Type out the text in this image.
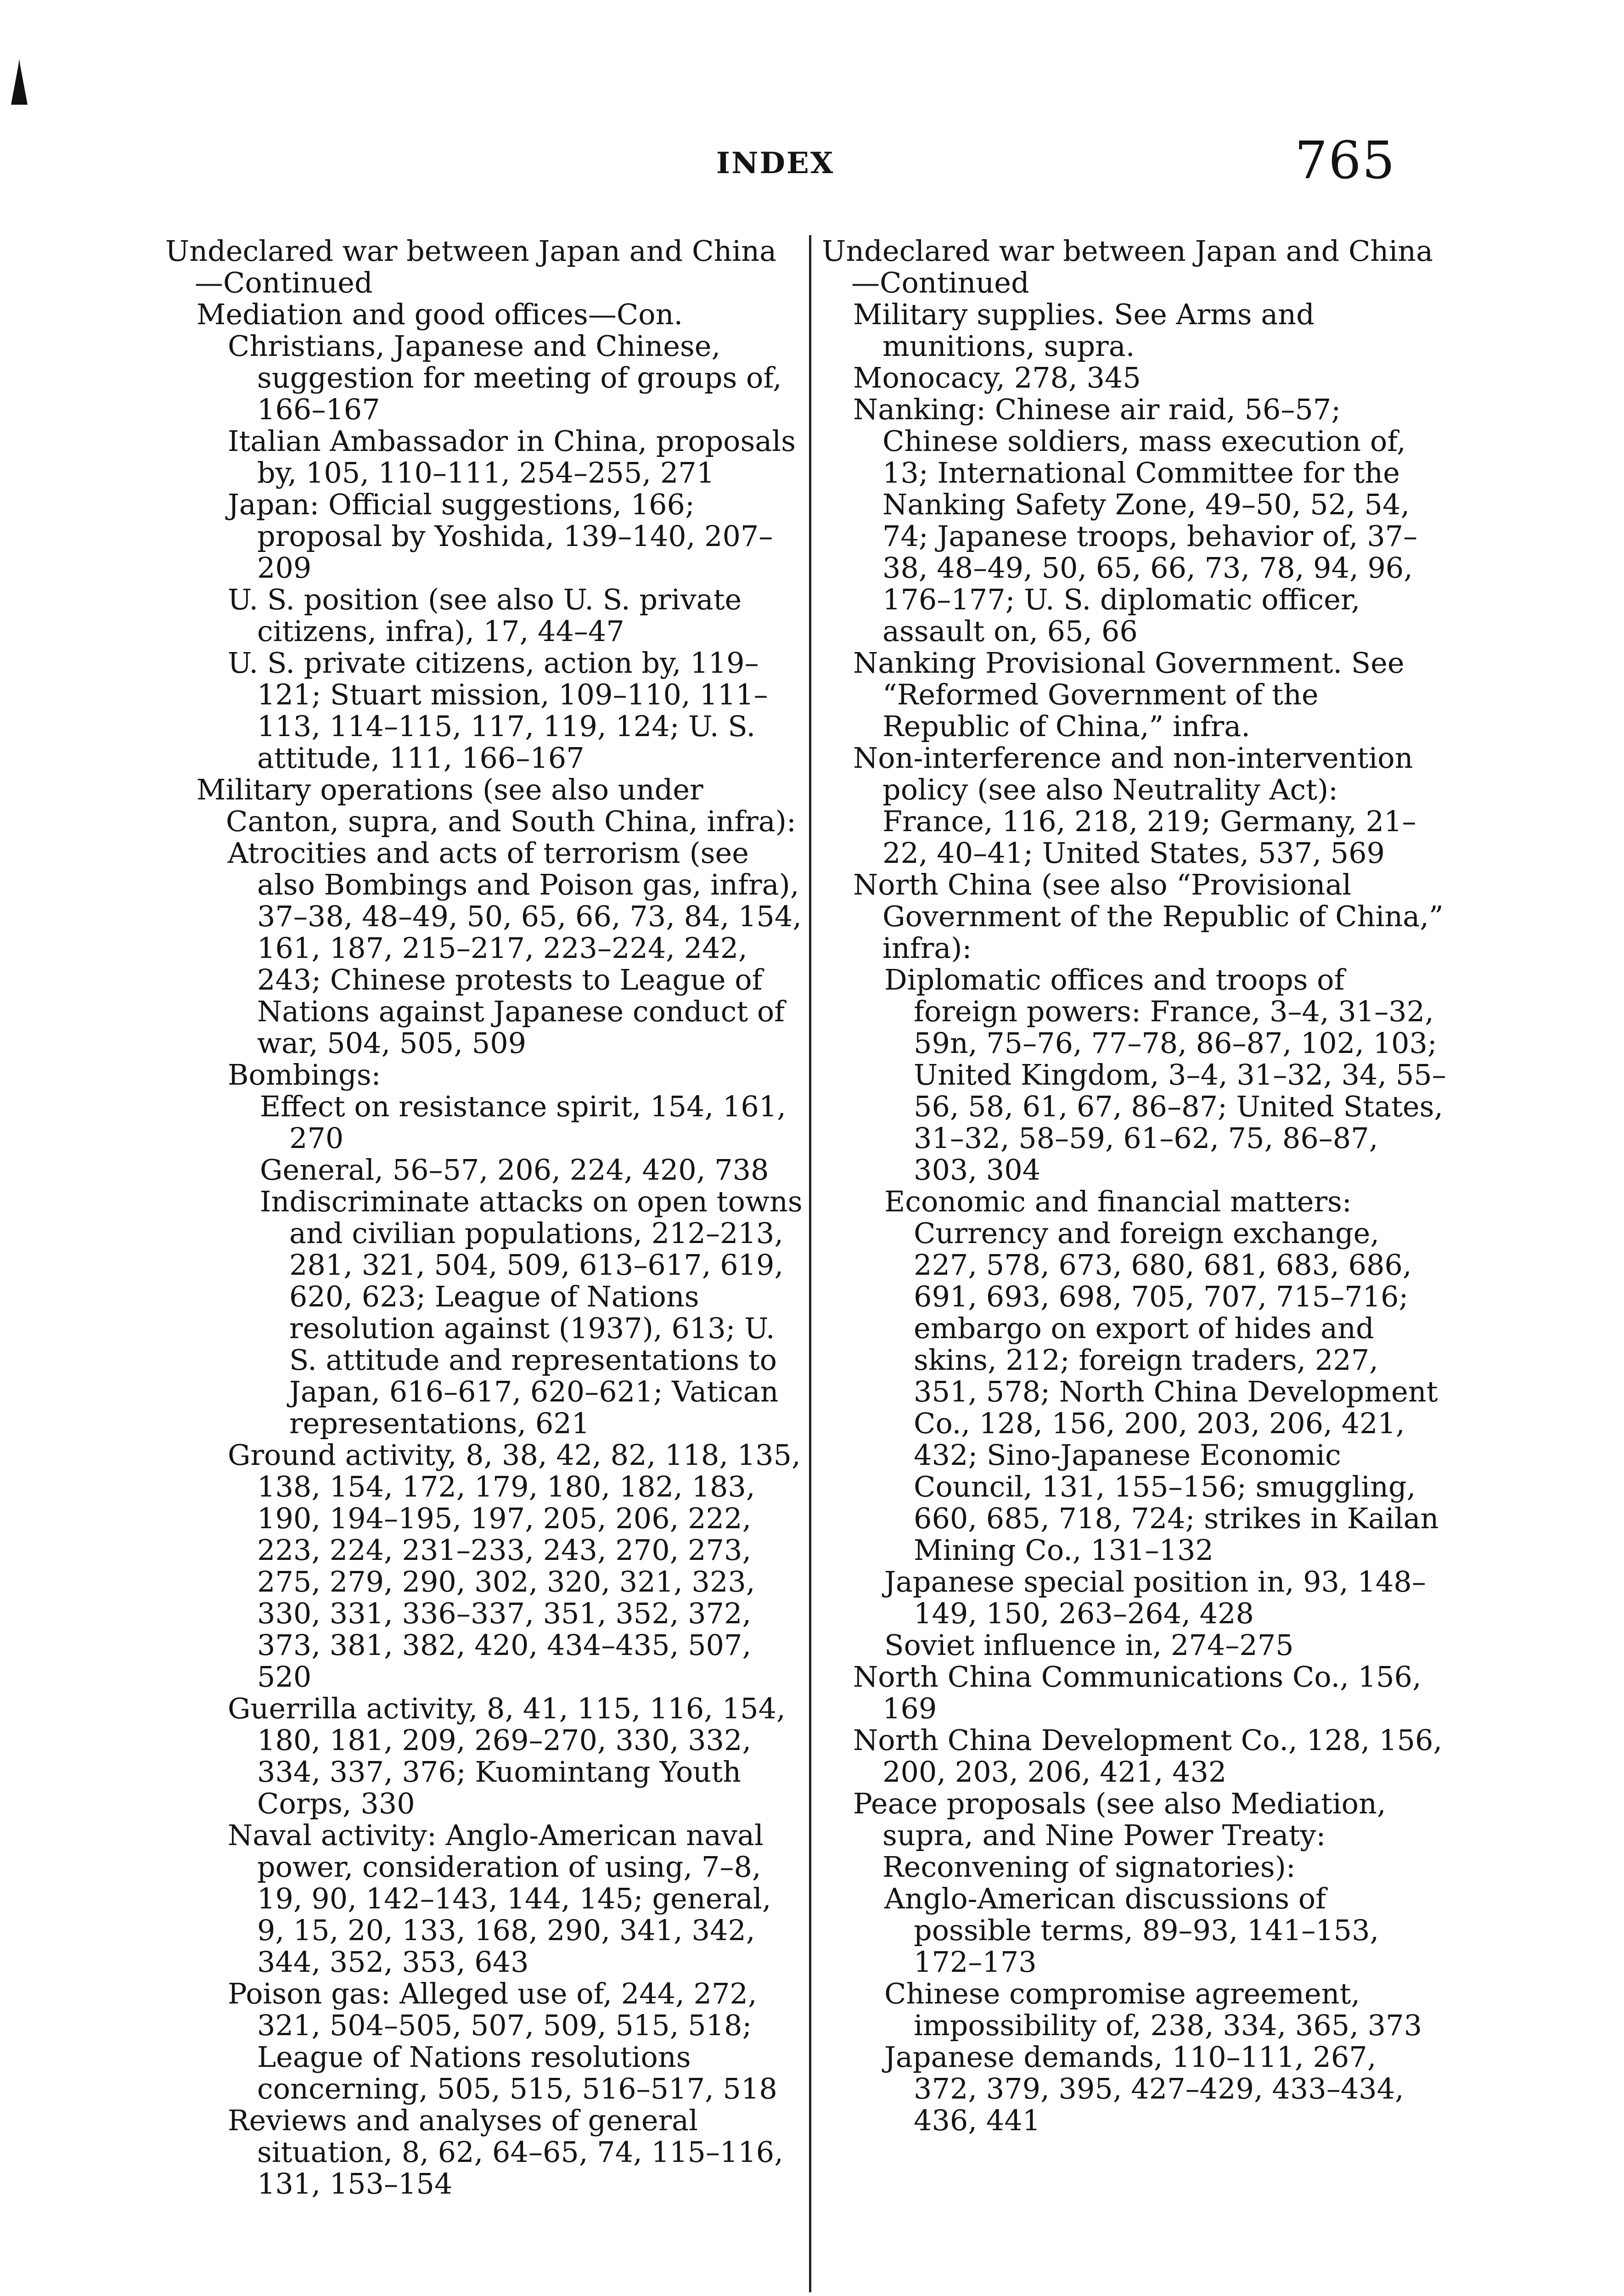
INDEX	765

Undeclared war between Japan and China—Continued

Mediation and good offices—Con.

Christians, Japanese and Chinese, suggestion for meeting of groups of, 166–167

Italian Ambassador in China, proposals by, 105, 110–111, 254–255, 271

Japan: Official suggestions, 166; proposal by Yoshida, 139–140, 207–209

U. S. position (see also U. S. private citizens, infra), 17, 44–47

U. S. private citizens, action by, 119–121; Stuart mission, 109–110, 111–113, 114–115, 117, 119, 124; U. S. attitude, 111, 166–167

Military operations (see also under Canton, supra, and South China, infra):

Atrocities and acts of terrorism (see also Bombings and Poison gas, infra), 37–38, 48–49, 50, 65, 66, 73, 84, 154, 161, 187, 215–217, 223–224, 242, 243; Chinese protests to League of Nations against Japanese conduct of war, 504, 505, 509

Bombings:

Effect on resistance spirit, 154, 161, 270

General, 56–57, 206, 224, 420, 738

Indiscriminate attacks on open towns and civilian populations, 212–213, 281, 321, 504, 509, 613–617, 619, 620, 623; League of Nations resolution against (1937), 613; U. S. attitude and representations to Japan, 616–617, 620–621; Vatican representations, 621

Ground activity, 8, 38, 42, 82, 118, 135, 138, 154, 172, 179, 180, 182, 183, 190, 194–195, 197, 205, 206, 222, 223, 224, 231–233, 243, 270, 273, 275, 279, 290, 302, 320, 321, 323, 330, 331, 336–337, 351, 352, 372, 373, 381, 382, 420, 434–435, 507, 520

Guerrilla activity, 8, 41, 115, 116, 154, 180, 181, 209, 269–270, 330, 332, 334, 337, 376; Kuomintang Youth Corps, 330

Naval activity: Anglo-American naval power, consideration of using, 7–8, 19, 90, 142–143, 144, 145; general, 9, 15, 20, 133, 168, 290, 341, 342, 344, 352, 353, 643

Poison gas: Alleged use of, 244, 272, 321, 504–505, 507, 509, 515, 518; League of Nations resolutions concerning, 505, 515, 516–517, 518

Reviews and analyses of general situation, 8, 62, 64–65, 74, 115–116, 131, 153–154

Undeclared war between Japan and China—Continued

Military supplies. See Arms and munitions, supra.

Monocacy, 278, 345

Nanking: Chinese air raid, 56–57; Chinese soldiers, mass execution of, 13; International Committee for the Nanking Safety Zone, 49–50, 52, 54, 74; Japanese troops, behavior of, 37–38, 48–49, 50, 65, 66, 73, 78, 94, 96, 176–177; U. S. diplomatic officer, assault on, 65, 66

Nanking Provisional Government. See “Reformed Government of the Republic of China,” infra.

Non-interference and non-intervention policy (see also Neutrality Act): France, 116, 218, 219; Germany, 21–22, 40–41; United States, 537, 569

North China (see also “Provisional Government of the Republic of China,” infra):

Diplomatic offices and troops of foreign powers: France, 3–4, 31–32, 59n, 75–76, 77–78, 86–87, 102, 103; United Kingdom, 3–4, 31–32, 34, 55–56, 58, 61, 67, 86–87; United States, 31–32, 58–59, 61–62, 75, 86–87, 303, 304

Economic and financial matters: Currency and foreign exchange, 227, 578, 673, 680, 681, 683, 686, 691, 693, 698, 705, 707, 715–716; embargo on export of hides and skins, 212; foreign traders, 227, 351, 578; North China Development Co., 128, 156, 200, 203, 206, 421, 432; Sino-Japanese Economic Council, 131, 155–156; smuggling, 660, 685, 718, 724; strikes in Kailan Mining Co., 131–132

Japanese special position in, 93, 148–149, 150, 263–264, 428

Soviet influence in, 274–275

North China Communications Co., 156, 169

North China Development Co., 128, 156, 200, 203, 206, 421, 432

Peace proposals (see also Mediation, supra, and Nine Power Treaty: Reconvening of signatories):

Anglo-American discussions of possible terms, 89–93, 141–153, 172–173

Chinese compromise agreement, impossibility of, 238, 334, 365, 373

Japanese demands, 110–111, 267, 372, 379, 395, 427–429, 433–434, 436, 441
